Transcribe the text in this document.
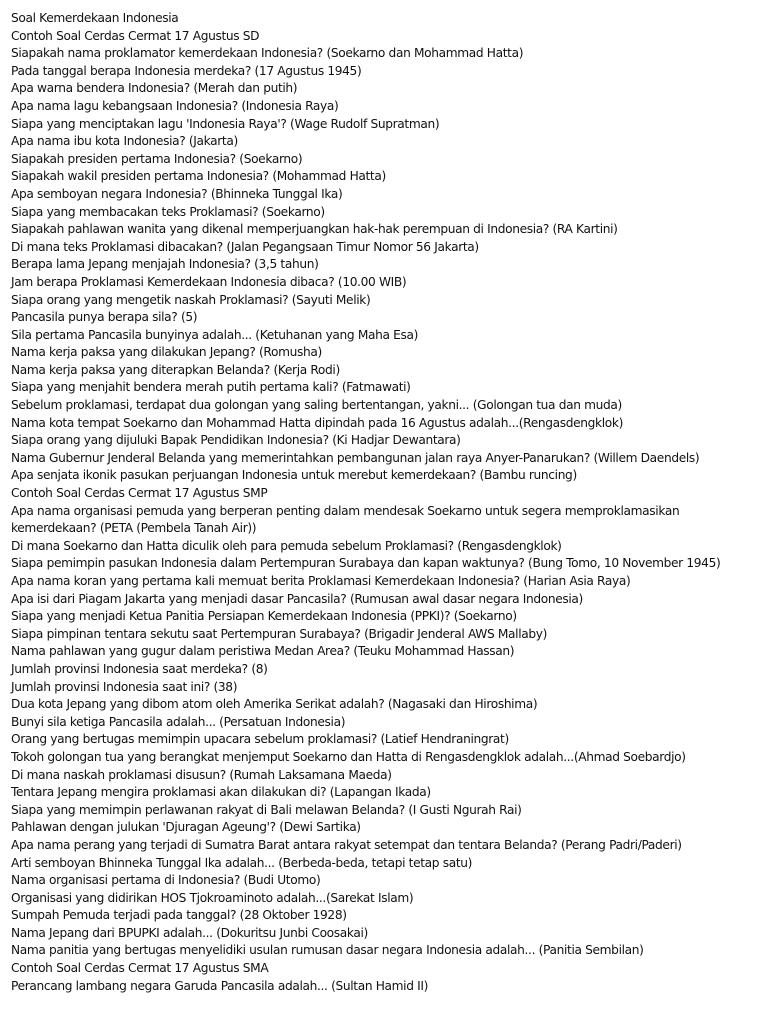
Soal Kemerdekaan Indonesia
Contoh Soal Cerdas Cermat 17 Agustus SD
Siapakah nama proklamator kemerdekaan Indonesia? (Soekarno dan Mohammad Hatta)
Pada tanggal berapa Indonesia merdeka? (17 Agustus 1945)
Apa warna bendera Indonesia? (Merah dan putih)
Apa nama lagu kebangsaan Indonesia? (Indonesia Raya)
Siapa yang menciptakan lagu 'Indonesia Raya'? (Wage Rudolf Supratman)
Apa nama ibu kota Indonesia? (Jakarta)
Siapakah presiden pertama Indonesia? (Soekarno)
Siapakah wakil presiden pertama Indonesia? (Mohammad Hatta)
Apa semboyan negara Indonesia? (Bhinneka Tunggal Ika)
Siapa yang membacakan teks Proklamasi? (Soekarno)
Siapakah pahlawan wanita yang dikenal memperjuangkan hak-hak perempuan di Indonesia? (RA Kartini)
Di mana teks Proklamasi dibacakan? (Jalan Pegangsaan Timur Nomor 56 Jakarta)
Berapa lama Jepang menjajah Indonesia? (3,5 tahun)
Jam berapa Proklamasi Kemerdekaan Indonesia dibaca? (10.00 WIB)
Siapa orang yang mengetik naskah Proklamasi? (Sayuti Melik)
Pancasila punya berapa sila? (5)
Sila pertama Pancasila bunyinya adalah... (Ketuhanan yang Maha Esa)
Nama kerja paksa yang dilakukan Jepang? (Romusha)
Nama kerja paksa yang diterapkan Belanda? (Kerja Rodi)
Siapa yang menjahit bendera merah putih pertama kali? (Fatmawati)
Sebelum proklamasi, terdapat dua golongan yang saling bertentangan, yakni... (Golongan tua dan muda)
Nama kota tempat Soekarno dan Mohammad Hatta dipindah pada 16 Agustus adalah...(Rengasdengklok)
Siapa orang yang dijuluki Bapak Pendidikan Indonesia? (Ki Hadjar Dewantara)
Nama Gubernur Jenderal Belanda yang memerintahkan pembangunan jalan raya Anyer-Panarukan? (Willem Daendels)
Apa senjata ikonik pasukan perjuangan Indonesia untuk merebut kemerdekaan? (Bambu runcing)
Contoh Soal Cerdas Cermat 17 Agustus SMP
Apa nama organisasi pemuda yang berperan penting dalam mendesak Soekarno untuk segera memproklamasikan kemerdekaan? (PETA (Pembela Tanah Air))
Di mana Soekarno dan Hatta diculik oleh para pemuda sebelum Proklamasi? (Rengasdengklok)
Siapa pemimpin pasukan Indonesia dalam Pertempuran Surabaya dan kapan waktunya? (Bung Tomo, 10 November 1945)
Apa nama koran yang pertama kali memuat berita Proklamasi Kemerdekaan Indonesia? (Harian Asia Raya)
Apa isi dari Piagam Jakarta yang menjadi dasar Pancasila? (Rumusan awal dasar negara Indonesia)
Siapa yang menjadi Ketua Panitia Persiapan Kemerdekaan Indonesia (PPKI)? (Soekarno)
Siapa pimpinan tentara sekutu saat Pertempuran Surabaya? (Brigadir Jenderal AWS Mallaby)
Nama pahlawan yang gugur dalam peristiwa Medan Area? (Teuku Mohammad Hassan)
Jumlah provinsi Indonesia saat merdeka? (8)
Jumlah provinsi Indonesia saat ini? (38)
Dua kota Jepang yang dibom atom oleh Amerika Serikat adalah? (Nagasaki dan Hiroshima)
Bunyi sila ketiga Pancasila adalah... (Persatuan Indonesia)
Orang yang bertugas memimpin upacara sebelum proklamasi? (Latief Hendraningrat)
Tokoh golongan tua yang berangkat menjemput Soekarno dan Hatta di Rengasdengklok adalah...(Ahmad Soebardjo)
Di mana naskah proklamasi disusun? (Rumah Laksamana Maeda)
Tentara Jepang mengira proklamasi akan dilakukan di? (Lapangan Ikada)
Siapa yang memimpin perlawanan rakyat di Bali melawan Belanda? (I Gusti Ngurah Rai)
Pahlawan dengan julukan 'Djuragan Ageung'? (Dewi Sartika)
Apa nama perang yang terjadi di Sumatra Barat antara rakyat setempat dan tentara Belanda? (Perang Padri/Paderi)
Arti semboyan Bhinneka Tunggal Ika adalah... (Berbeda-beda, tetapi tetap satu)
Nama organisasi pertama di Indonesia? (Budi Utomo)
Organisasi yang didirikan HOS Tjokroaminoto adalah...(Sarekat Islam)
Sumpah Pemuda terjadi pada tanggal? (28 Oktober 1928)
Nama Jepang dari BPUPKI adalah... (Dokuritsu Junbi Coosakai)
Nama panitia yang bertugas menyelidiki usulan rumusan dasar negara Indonesia adalah... (Panitia Sembilan)
Contoh Soal Cerdas Cermat 17 Agustus SMA
Perancang lambang negara Garuda Pancasila adalah... (Sultan Hamid II)
